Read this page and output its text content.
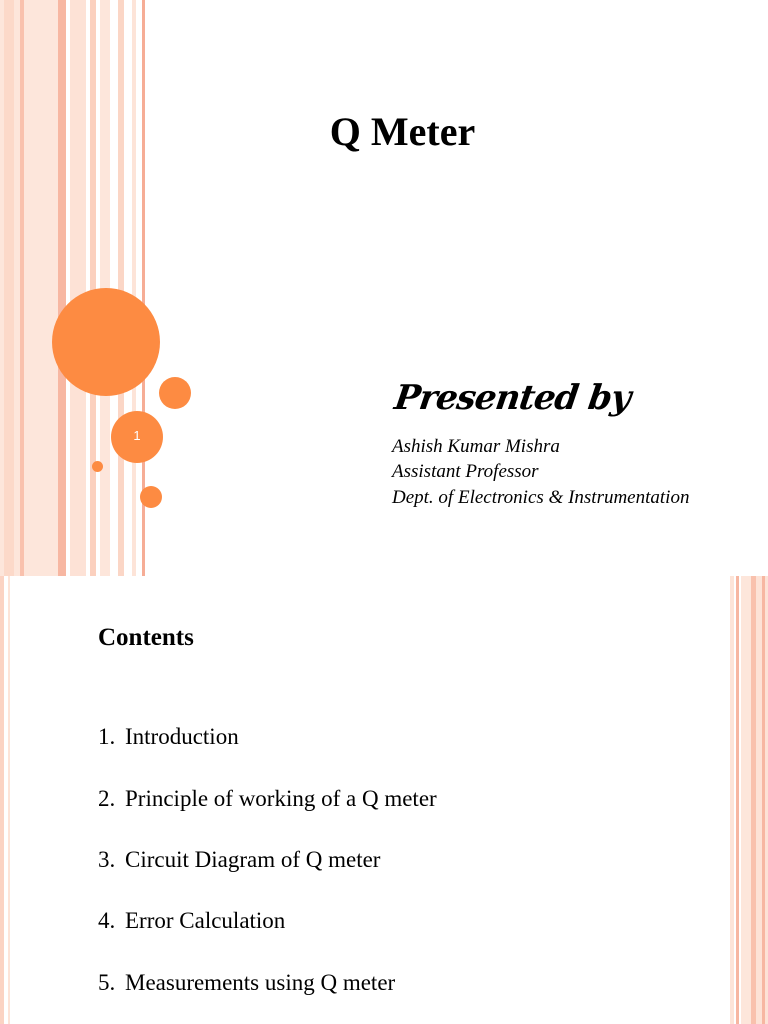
Q Meter
1
Presented by
Ashish Kumar Mishra
Assistant Professor
Dept. of Electronics & Instrumentation
Contents
1. Introduction
2. Principle of working of a Q meter
3. Circuit Diagram of Q meter
4. Error Calculation
5. Measurements using Q meter
